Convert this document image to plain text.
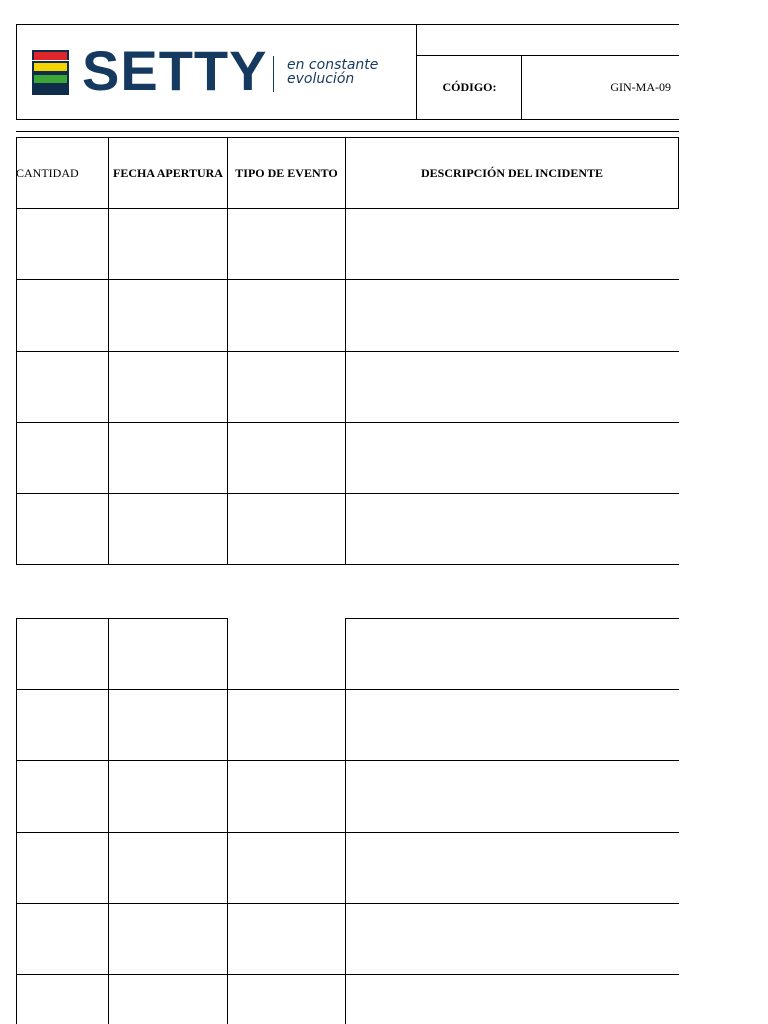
SETTY en constante
evolución	CÓDIGO:	GIN-MA-09
CANTIDAD	FECHA APERTURA	TIPO DE EVENTO	DESCRIPCIÓN DEL INCIDENTE
